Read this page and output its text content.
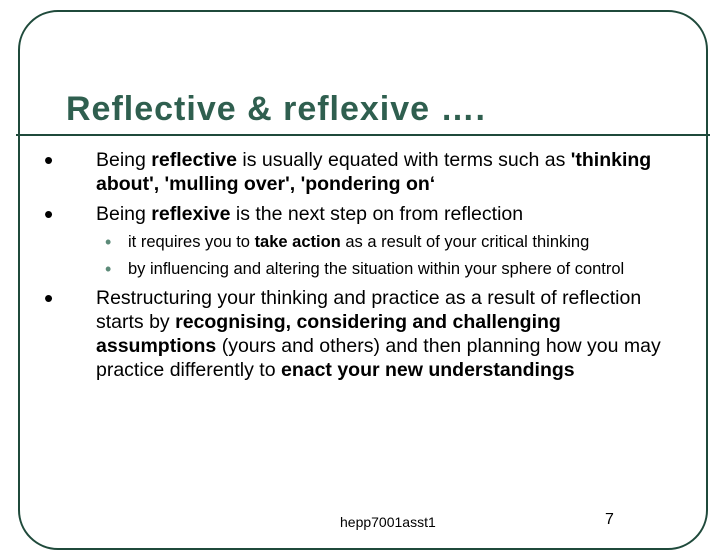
Reflective & reflexive ….
• Being reflective is usually equated with terms such as 'thinking about', 'mulling over', 'pondering on‘
• Being reflexive is the next step on from reflection
• it requires you to take action as a result of your critical thinking
• by influencing and altering the situation within your sphere of control
• Restructuring your thinking and practice as a result of reflection starts by recognising, considering and challenging assumptions (yours and others) and then planning how you may practice differently to enact your new understandings
hepp7001asst1	7
